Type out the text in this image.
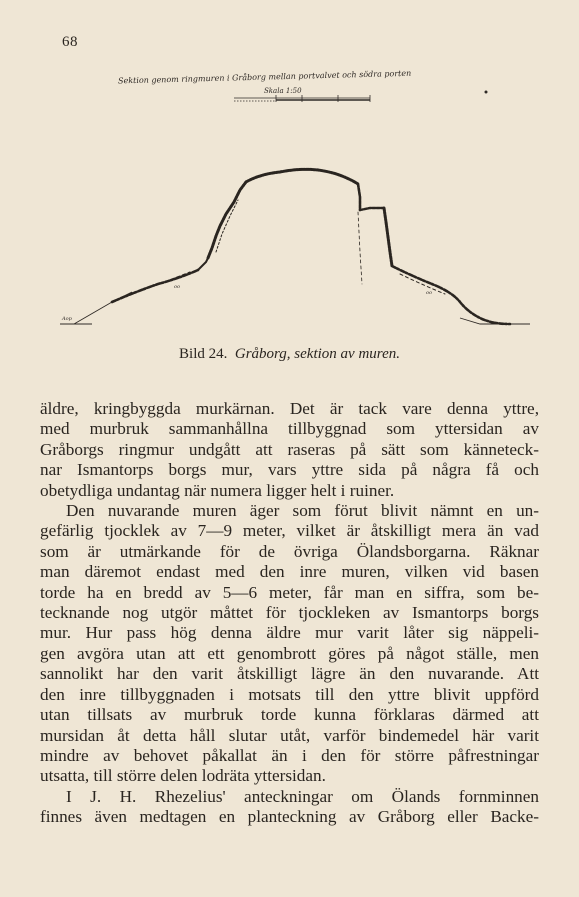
68
Sektion genom ringmuren i Gråborg mellan portvalvet och södra porten
Skala 1:50
oo
oo
Aop
Bild 24. Gråborg, sektion av muren.

äldre, kringbyggda murkärnan. Det är tack vare denna yttre,
med murbruk sammanhållna tillbyggnad som yttersidan av
Gråborgs ringmur undgått att raseras på sätt som känneteck-
nar Ismantorps borgs mur, vars yttre sida på några få och
obetydliga undantag när numera ligger helt i ruiner.

Den nuvarande muren äger som förut blivit nämnt en un-
gefärlig tjocklek av 7—9 meter, vilket är åtskilligt mera än vad
som är utmärkande för de övriga Ölandsborgarna. Räknar
man däremot endast med den inre muren, vilken vid basen
torde ha en bredd av 5—6 meter, får man en siffra, som be-
tecknande nog utgör måttet för tjockleken av Ismantorps borgs
mur. Hur pass hög denna äldre mur varit låter sig näppeli-
gen avgöra utan att ett genombrott göres på något ställe, men
sannolikt har den varit åtskilligt lägre än den nuvarande. Att
den inre tillbyggnaden i motsats till den yttre blivit uppförd
utan tillsats av murbruk torde kunna förklaras därmed att
mursidan åt detta håll slutar utåt, varför bindemedel här varit
mindre av behovet påkallat än i den för större påfrestningar
utsatta, till större delen lodräta yttersidan.

I J. H. Rhezelius' anteckningar om Ölands fornminnen
finnes även medtagen en planteckning av Gråborg eller Backe-
